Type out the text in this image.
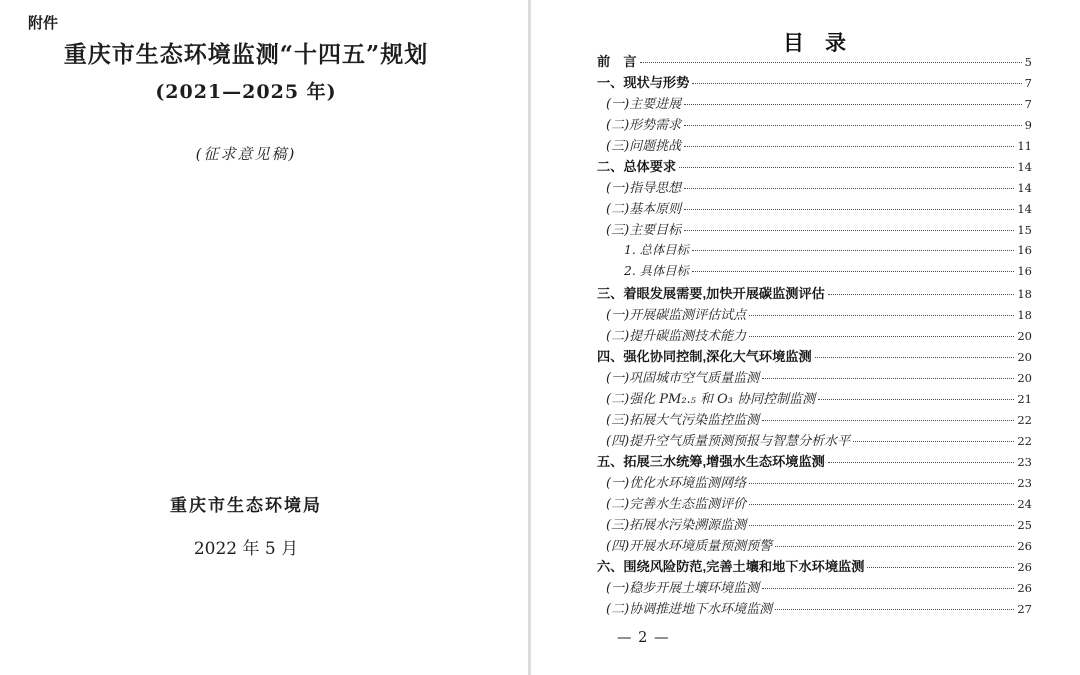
附件
重庆市生态环境监测“十四五”规划
(2021—2025 年)
(征求意见稿)
重庆市生态环境局
2022 年 5 月
目　录
前　言	5
一、现状与形势	7
(一)主要进展	7
(二)形势需求	9
(三)问题挑战	11
二、总体要求	14
(一)指导思想	14
(二)基本原则	14
(三)主要目标	15
1. 总体目标	16
2. 具体目标	16
三、着眼发展需要,加快开展碳监测评估	18
(一)开展碳监测评估试点	18
(二)提升碳监测技术能力	20
四、强化协同控制,深化大气环境监测	20
(一)巩固城市空气质量监测	20
(二)强化 PM₂.₅ 和 O₃ 协同控制监测	21
(三)拓展大气污染监控监测	22
(四)提升空气质量预测预报与智慧分析水平	22
五、拓展三水统筹,增强水生态环境监测	23
(一)优化水环境监测网络	23
(二)完善水生态监测评价	24
(三)拓展水污染溯源监测	25
(四)开展水环境质量预测预警	26
六、围绕风险防范,完善土壤和地下水环境监测	26
(一)稳步开展土壤环境监测	26
(二)协调推进地下水环境监测	27
— 2 —
